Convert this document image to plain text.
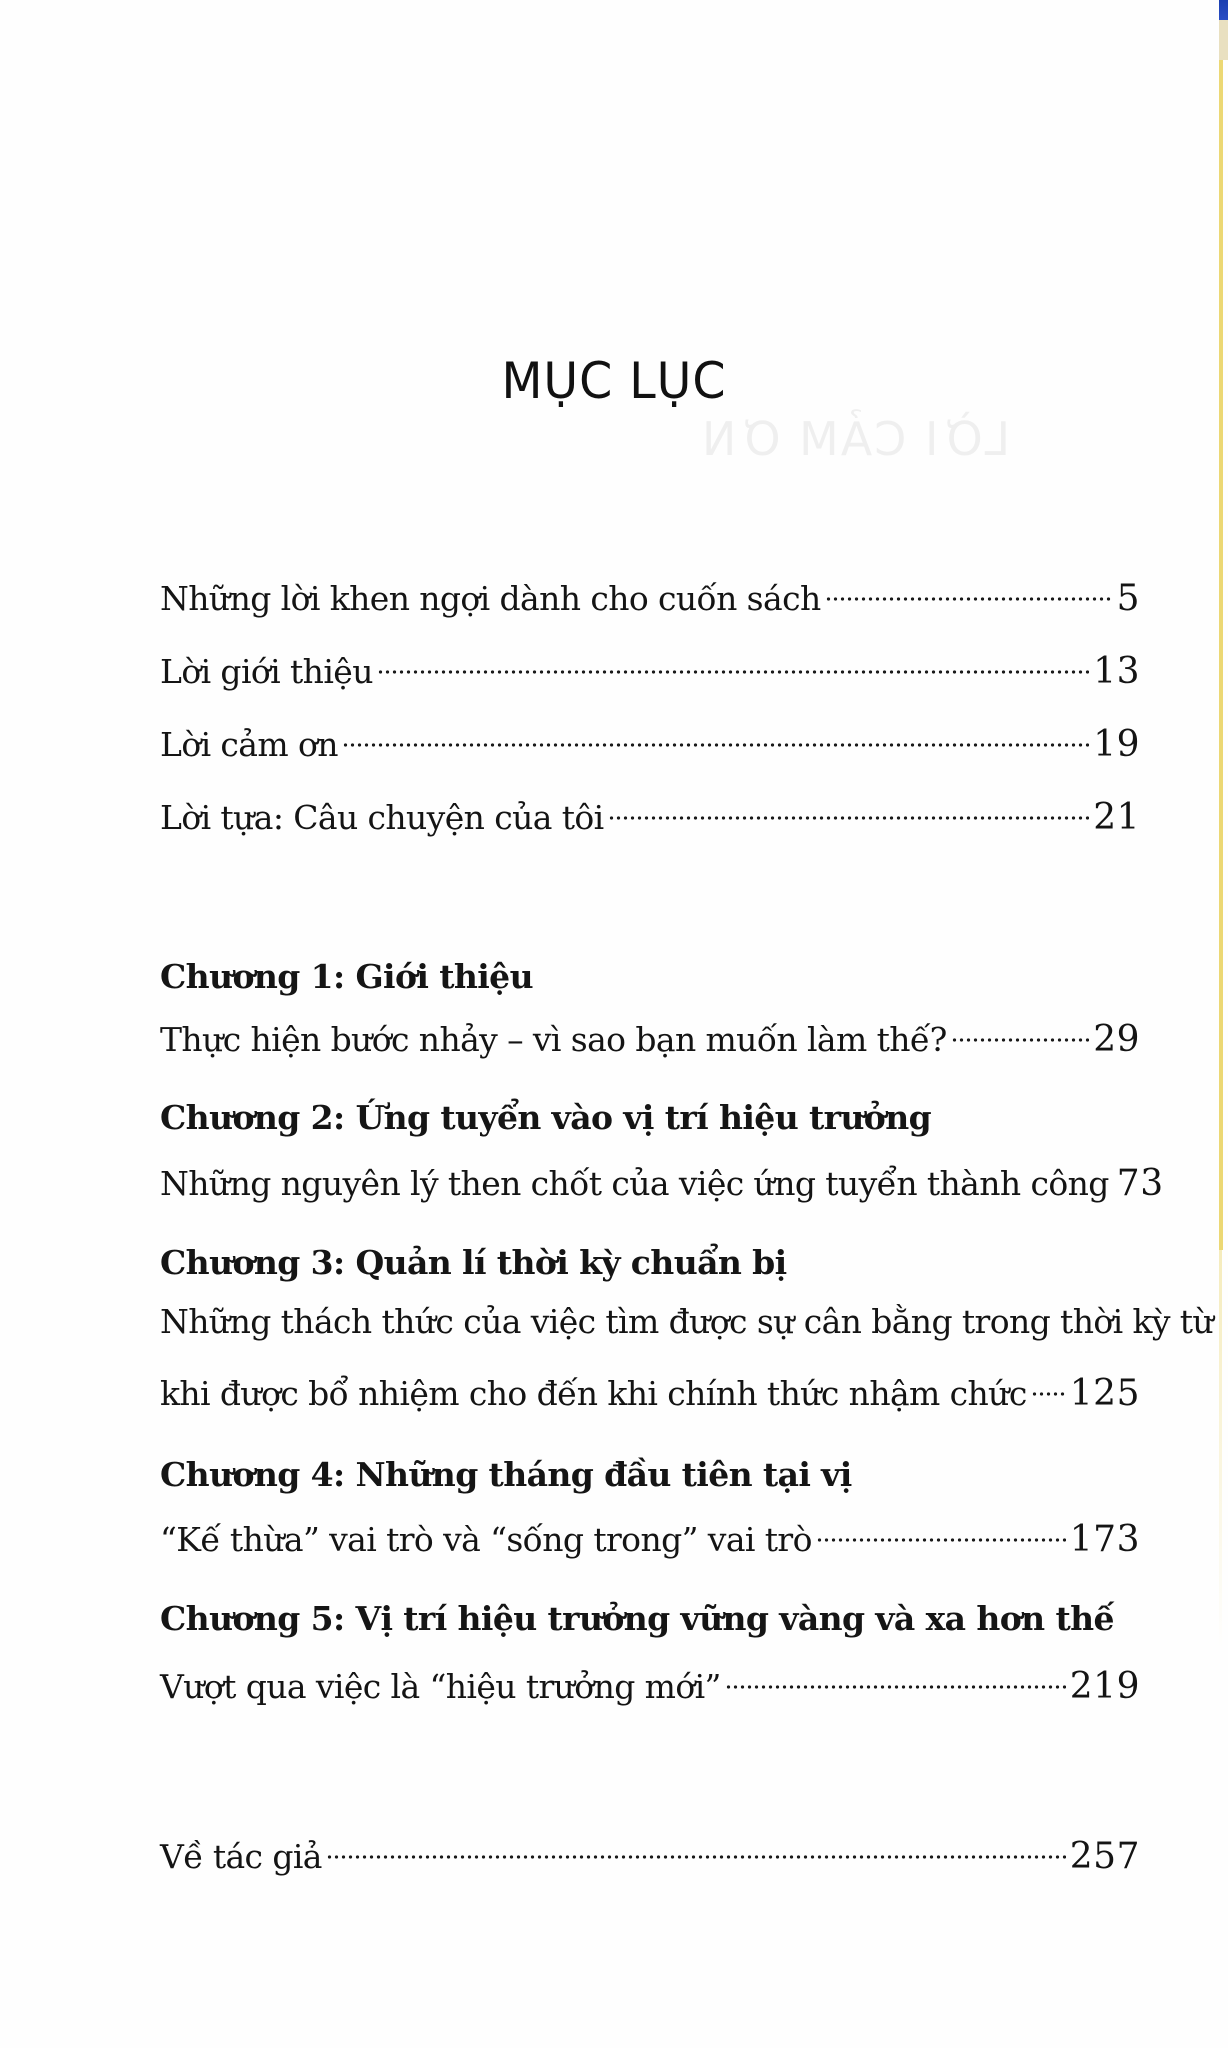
LỜI CẢM ƠN
MỤC LỤC
Những lời khen ngợi dành cho cuốn sách	5
Lời giới thiệu	13
Lời cảm ơn	19
Lời tựa: Câu chuyện của tôi	21
Chương 1: Giới thiệu
Thực hiện bước nhảy – vì sao bạn muốn làm thế?	29
Chương 2: Ứng tuyển vào vị trí hiệu trưởng
Những nguyên lý then chốt của việc ứng tuyển thành công 73
Chương 3: Quản lí thời kỳ chuẩn bị
Những thách thức của việc tìm được sự cân bằng trong thời kỳ từ
khi được bổ nhiệm cho đến khi chính thức nhậm chức 125
Chương 4: Những tháng đầu tiên tại vị
“Kế thừa” vai trò và “sống trong” vai trò	173
Chương 5: Vị trí hiệu trưởng vững vàng và xa hơn thế
Vượt qua việc là “hiệu trưởng mới”	219
Về tác giả	257
